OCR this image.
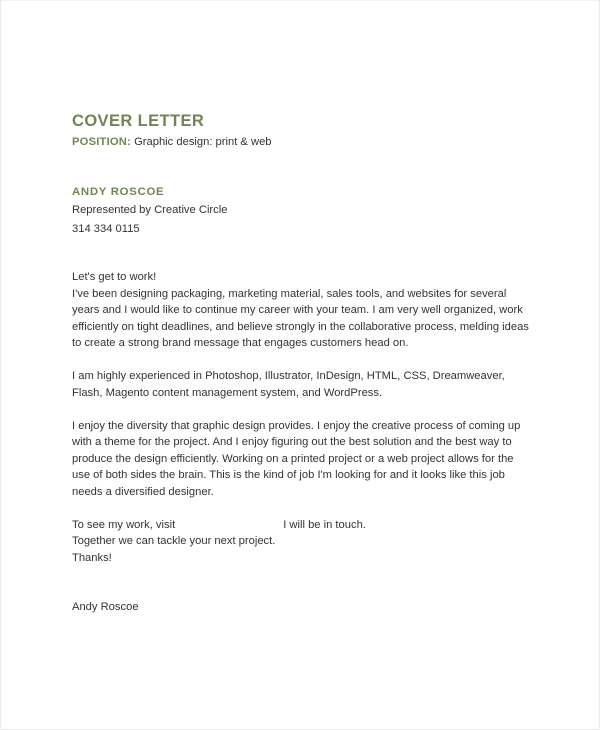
COVER LETTER

POSITION: Graphic design: print & web

ANDY ROSCOE

Represented by Creative Circle

314 334 0115

Let's get to work!

I've been designing packaging, marketing material, sales tools, and websites for several years and I would like to continue my career with your team. I am very well organized, work efficiently on tight deadlines, and believe strongly in the collaborative process, melding ideas to create a strong brand message that engages customers head on.

I am highly experienced in Photoshop, Illustrator, InDesign, HTML, CSS, Dreamweaver, Flash, Magento content management system, and WordPress.

I enjoy the diversity that graphic design provides. I enjoy the creative process of coming up with a theme for the project. And I enjoy figuring out the best solution and the best way to produce the design efficiently. Working on a printed project or a web project allows for the use of both sides the brain. This is the kind of job I'm looking for and it looks like this job needs a diversified designer.

To see my work, visit	I will be in touch.

Together we can tackle your next project.

Thanks!

Andy Roscoe
